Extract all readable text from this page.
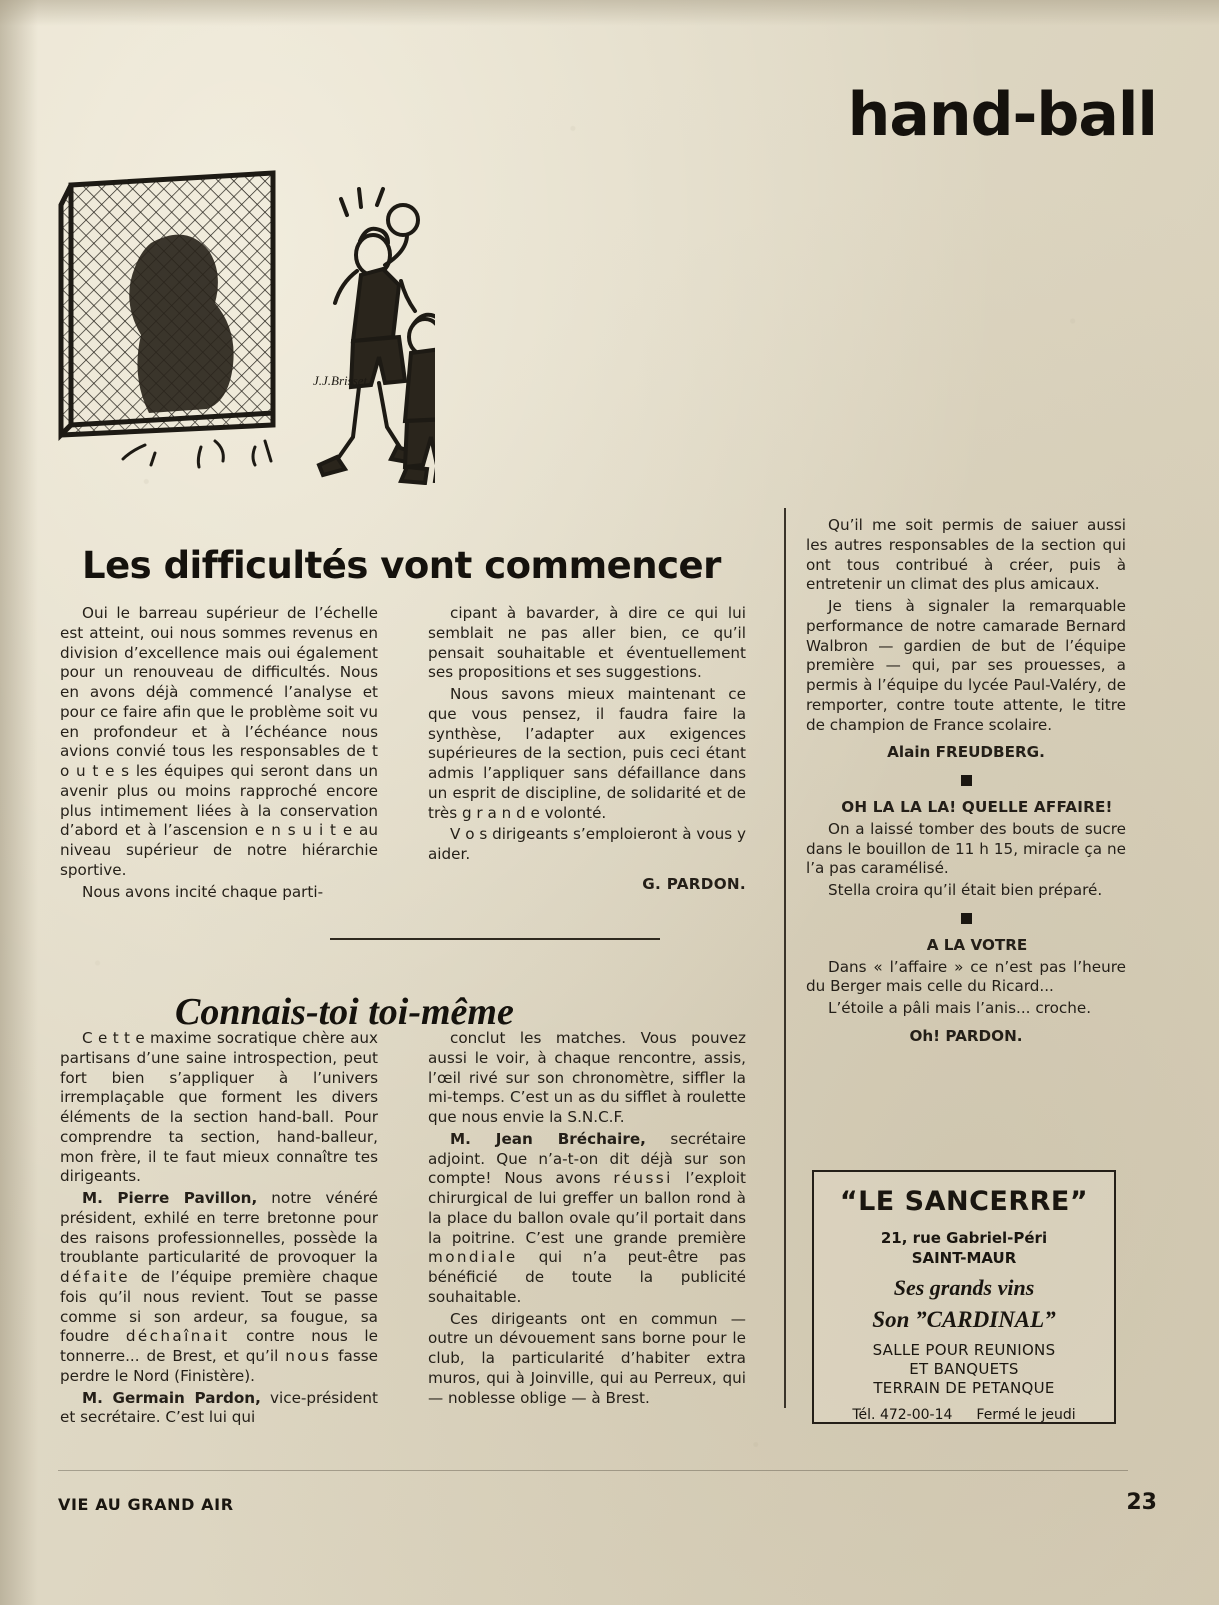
hand-ball
J.J.Brisset
Les difficultés vont commencer

Oui le barreau supérieur de l’échelle est atteint, oui nous sommes revenus en division d’excellence mais oui également pour un renouveau de difficultés. Nous en avons déjà commencé l’analyse et pour ce faire afin que le problème soit vu en profondeur et à l’échéance nous avions convié tous les responsables de t o u t e s les équipes qui seront dans un avenir plus ou moins rapproché encore plus intimement liées à la conservation d’abord et à l’ascension e n s u i t e au niveau supérieur de notre hiérarchie sportive.

Nous avons incité chaque parti-

cipant à bavarder, à dire ce qui lui semblait ne pas aller bien, ce qu’il pensait souhaitable et éventuellement ses propositions et ses suggestions.

Nous savons mieux maintenant ce que vous pensez, il faudra faire la synthèse, l’adapter aux exigences supérieures de la section, puis ceci étant admis l’appliquer sans défaillance dans un esprit de discipline, de solidarité et de très g r a n d e volonté.

V o s dirigeants s’emploieront à vous y aider.

G. PARDON.

Connais-toi toi-même

C e t t e maxime socratique chère aux partisans d’une saine introspection, peut fort bien s’appliquer à l’univers irremplaçable que forment les divers éléments de la section hand-ball. Pour comprendre ta section, hand-balleur, mon frère, il te faut mieux connaître tes dirigeants.

M. Pierre Pavillon, notre vénéré président, exhilé en terre bretonne pour des raisons professionnelles, possède la troublante particularité de provoquer la défaite de l’équipe première chaque fois qu’il nous revient. Tout se passe comme si son ardeur, sa fougue, sa foudre déchaînait contre nous le tonnerre... de Brest, et qu’il nous fasse perdre le Nord (Finistère).

M. Germain Pardon, vice-président et secrétaire. C’est lui qui

conclut les matches. Vous pouvez aussi le voir, à chaque rencontre, assis, l’œil rivé sur son chronomètre, siffler la mi-temps. C’est un as du sifflet à roulette que nous envie la S.N.C.F.

M. Jean Bréchaire, secrétaire adjoint. Que n’a-t-on dit déjà sur son compte! Nous avons réussi l’exploit chirurgical de lui greffer un ballon rond à la place du ballon ovale qu’il portait dans la poitrine. C’est une grande première mondiale qui n’a peut-être pas bénéficié de toute la publicité souhaitable.

Ces dirigeants ont en commun — outre un dévouement sans borne pour le club, la particularité d’habiter extra muros, qui à Joinville, qui au Perreux, qui — noblesse oblige — à Brest.

Qu’il me soit permis de saiuer aussi les autres responsables de la section qui ont tous contribué à créer, puis à entretenir un climat des plus amicaux.

Je tiens à signaler la remarquable performance de notre camarade Bernard Walbron — gardien de but de l’équipe première — qui, par ses prouesses, a permis à l’équipe du lycée Paul-Valéry, de remporter, contre toute attente, le titre de champion de France scolaire.

Alain FREUDBERG.

OH LA LA LA! QUELLE AFFAIRE!

On a laissé tomber des bouts de sucre dans le bouillon de 11 h 15, miracle ça ne l’a pas caramélisé.

Stella croira qu’il était bien préparé.

A LA VOTRE

Dans « l’affaire » ce n’est pas l’heure du Berger mais celle du Ricard...

L’étoile a pâli mais l’anis... croche.

Oh! PARDON.

“LE SANCERRE”
21, rue Gabriel-Péri
SAINT-MAUR
Ses grands vins
Son ”CARDINAL”
SALLE POUR REUNIONS
ET BANQUETS
TERRAIN DE PETANQUE
Tél. 472-00-14 Fermé le jeudi
VIE AU GRAND AIR	23
